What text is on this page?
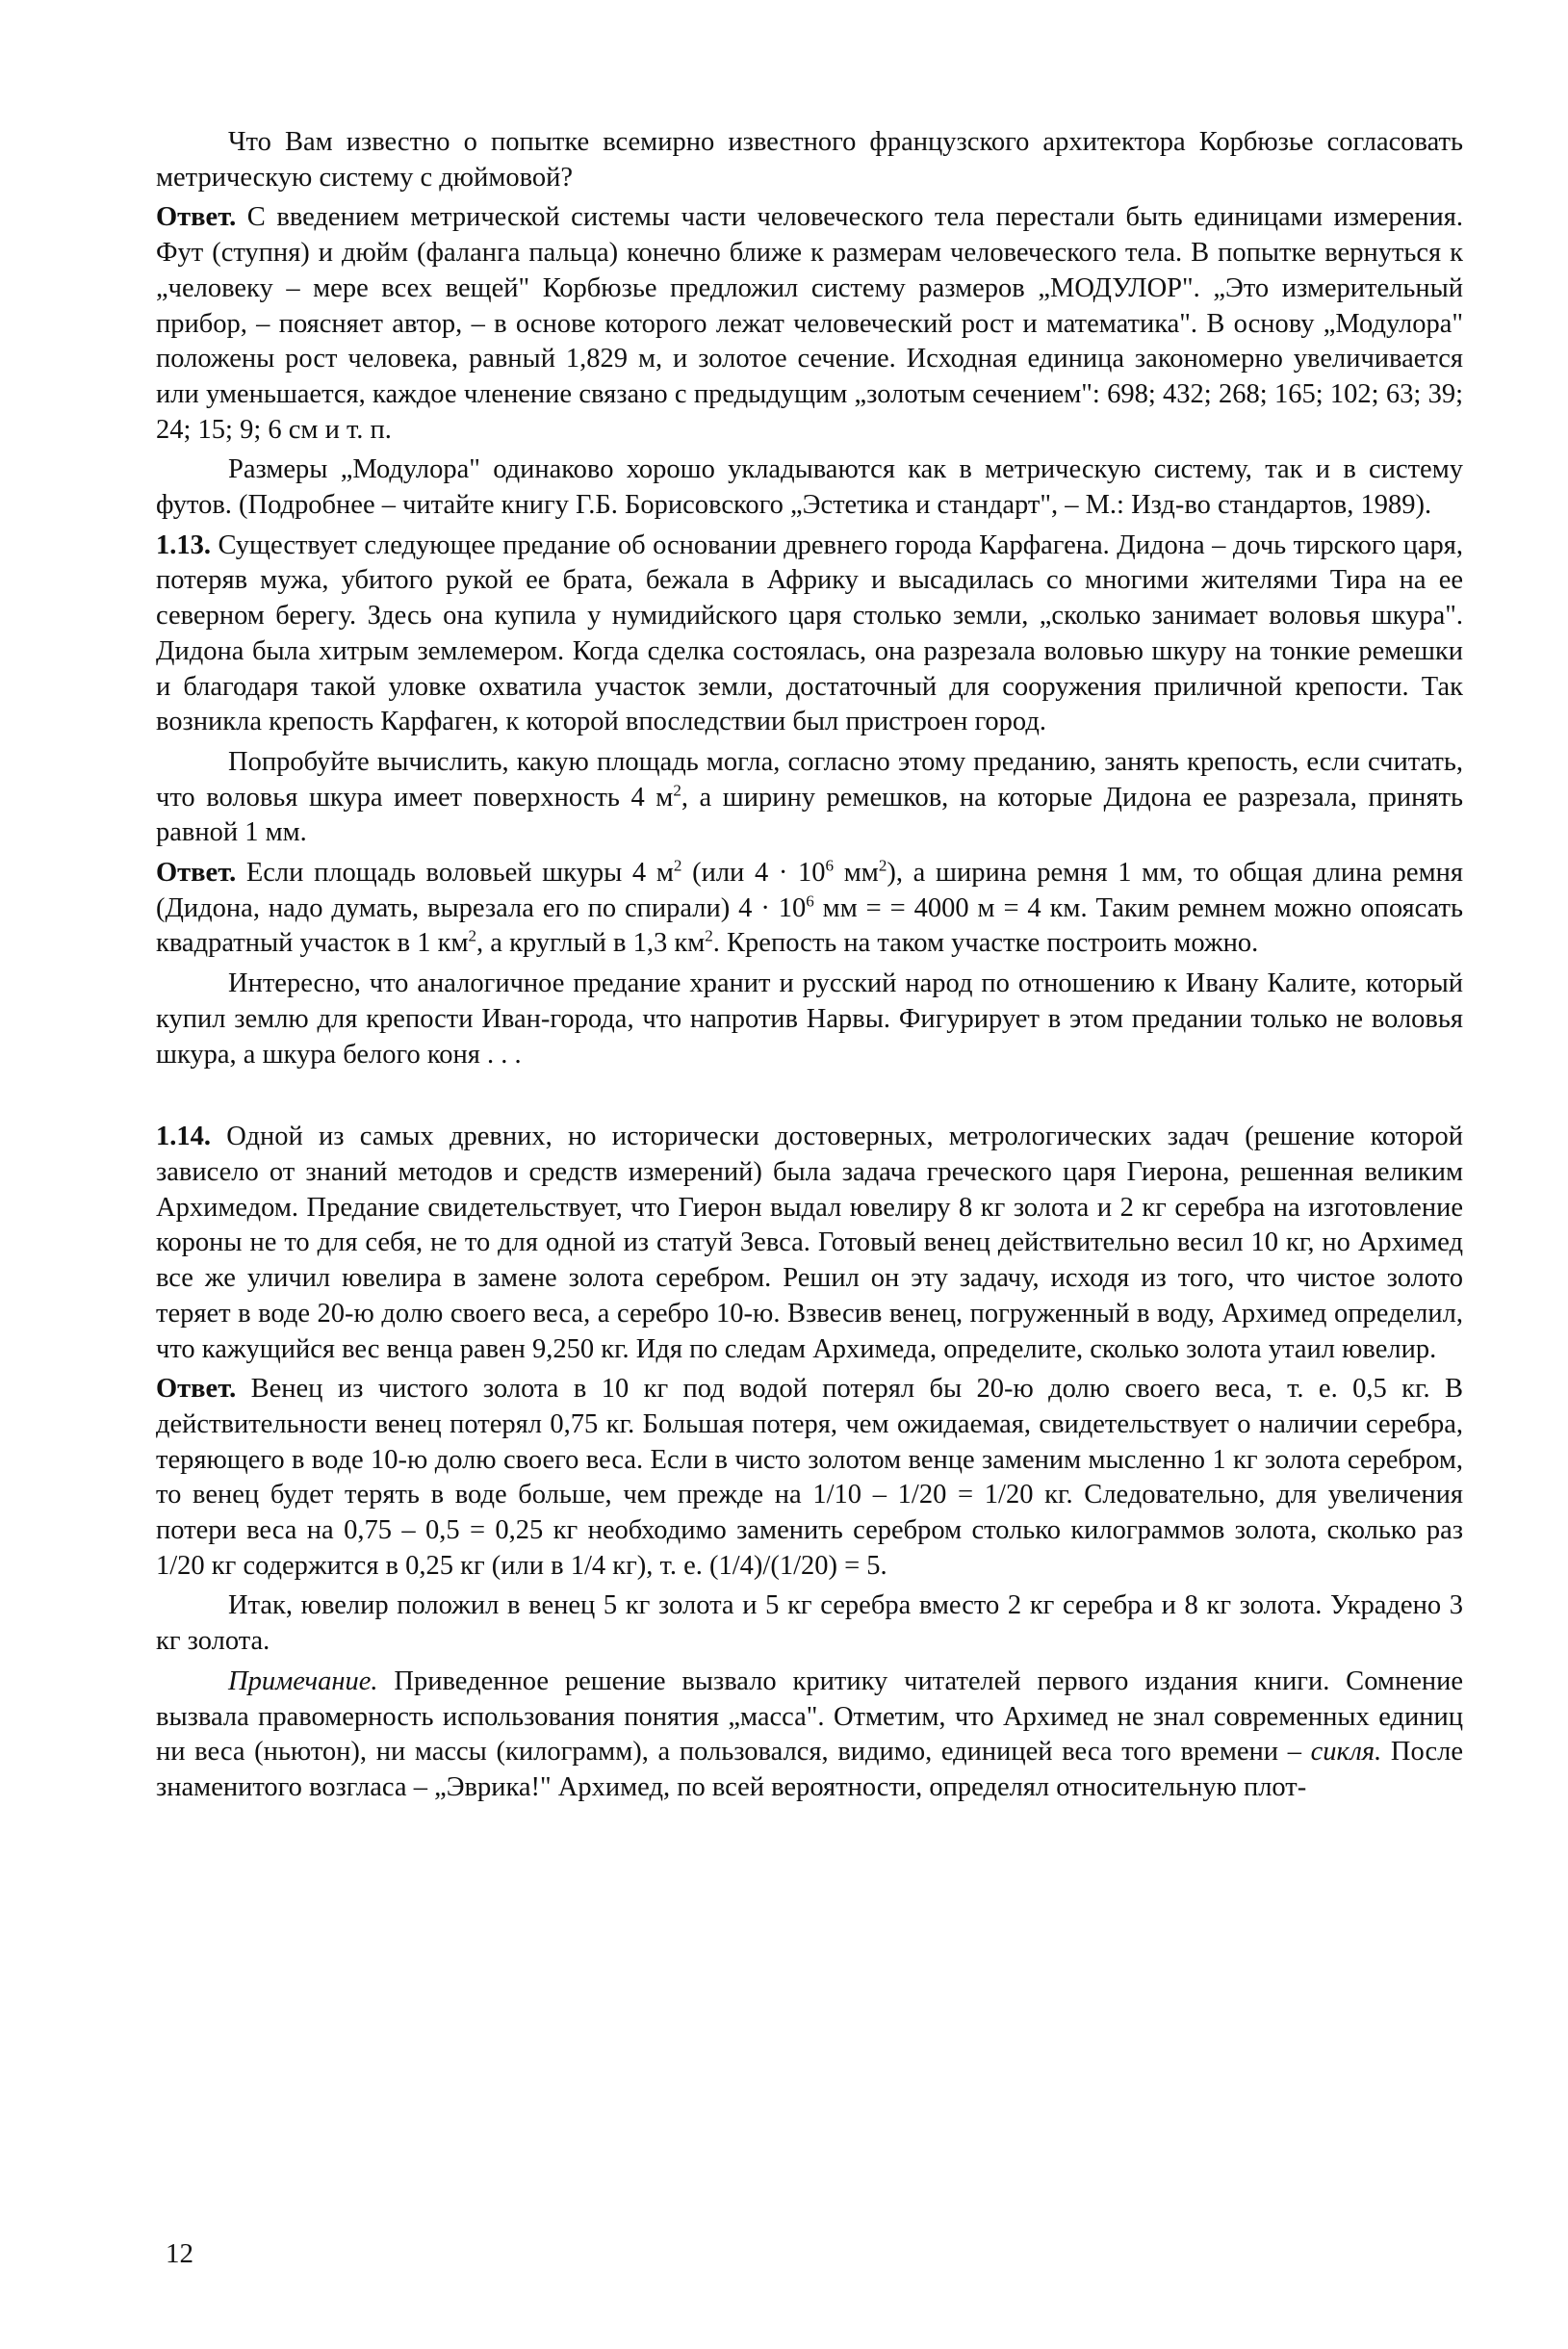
Что Вам известно о попытке всемирно известного французского архитектора Корбюзье согласовать метрическую систему с дюймовой?

Ответ. С введением метрической системы части человеческого тела перестали быть единицами измерения. Фут (ступня) и дюйм (фаланга пальца) конечно ближе к размерам человеческого тела. В попытке вернуться к „человеку – мере всех вещей" Корбюзье предложил систему размеров „МОДУЛОР". „Это измерительный прибор, – поясняет автор, – в основе которого лежат человеческий рост и математика". В основу „Модулора" положены рост человека, равный 1,829 м, и золотое сечение. Исходная единица закономерно увеличивается или уменьшается, каждое членение связано с предыдущим „золотым сечением": 698; 432; 268; 165; 102; 63; 39; 24; 15; 9; 6 см и т. п.

Размеры „Модулора" одинаково хорошо укладываются как в метрическую систему, так и в систему футов. (Подробнее – читайте книгу Г.Б. Борисовского „Эстетика и стандарт", – М.: Изд-во стандартов, 1989).

1.13. Существует следующее предание об основании древнего города Карфагена. Дидона – дочь тирского царя, потеряв мужа, убитого рукой ее брата, бежала в Африку и высадилась со многими жителями Тира на ее северном берегу. Здесь она купила у нумидийского царя столько земли, „сколько занимает воловья шкура". Дидона была хитрым землемером. Когда сделка состоялась, она разрезала воловью шкуру на тонкие ремешки и благодаря такой уловке охватила участок земли, достаточный для сооружения приличной крепости. Так возникла крепость Карфаген, к которой впоследствии был пристроен город.

Попробуйте вычислить, какую площадь могла, согласно этому преданию, занять крепость, если считать, что воловья шкура имеет поверхность 4 $м^2$, а ширину ремешков, на которые Дидона ее разрезала, принять равной 1 мм.

Ответ. Если площадь воловьей шкуры 4 $м^2$ (или $4 \cdot 10^6$ $мм^2$), а ширина ремня 1 мм, то общая длина ремня (Дидона, надо думать, вырезала его по спирали) $4 \cdot 10^6$ мм = = 4000 м = 4 км. Таким ремнем можно опоясать квадратный участок в 1 $км^2$, а круглый в 1,3 $км^2$. Крепость на таком участке построить можно.

Интересно, что аналогичное предание хранит и русский народ по отношению к Ивану Калите, который купил землю для крепости Иван-города, что напротив Нарвы. Фигурирует в этом предании только не воловья шкура, а шкура белого коня . . .

1.14. Одной из самых древних, но исторически достоверных, метрологических задач (решение которой зависело от знаний методов и средств измерений) была задача греческого царя Гиерона, решенная великим Архимедом. Предание свидетельствует, что Гиерон выдал ювелиру 8 кг золота и 2 кг серебра на изготовление короны не то для себя, не то для одной из статуй Зевса. Готовый венец действительно весил 10 кг, но Архимед все же уличил ювелира в замене золота серебром. Решил он эту задачу, исходя из того, что чистое золото теряет в воде 20-ю долю своего веса, а серебро 10-ю. Взвесив венец, погруженный в воду, Архимед определил, что кажущийся вес венца равен 9,250 кг. Идя по следам Архимеда, определите, сколько золота утаил ювелир.

Ответ. Венец из чистого золота в 10 кг под водой потерял бы 20-ю долю своего веса, т. е. 0,5 кг. В действительности венец потерял 0,75 кг. Большая потеря, чем ожидаемая, свидетельствует о наличии серебра, теряющего в воде 10-ю долю своего веса. Если в чисто золотом венце заменим мысленно 1 кг золота серебром, то венец будет терять в воде больше, чем прежде на 1/10 – 1/20 = 1/20 кг. Следовательно, для увеличения потери веса на 0,75 – 0,5 = 0,25 кг необходимо заменить серебром столько килограммов золота, сколько раз 1/20 кг содержится в 0,25 кг (или в 1/4 кг), т. е. (1/4)/(1/20) = 5.

Итак, ювелир положил в венец 5 кг золота и 5 кг серебра вместо 2 кг серебра и 8 кг золота. Украдено 3 кг золота.

Примечание. Приведенное решение вызвало критику читателей первого издания книги. Сомнение вызвала правомерность использования понятия „масса". Отметим, что Архимед не знал современных единиц ни веса (ньютон), ни массы (килограмм), а пользовался, видимо, единицей веса того времени – сикля. После знаменитого возгласа – „Эврика!" Архимед, по всей вероятности, определял относительную плот-

12
